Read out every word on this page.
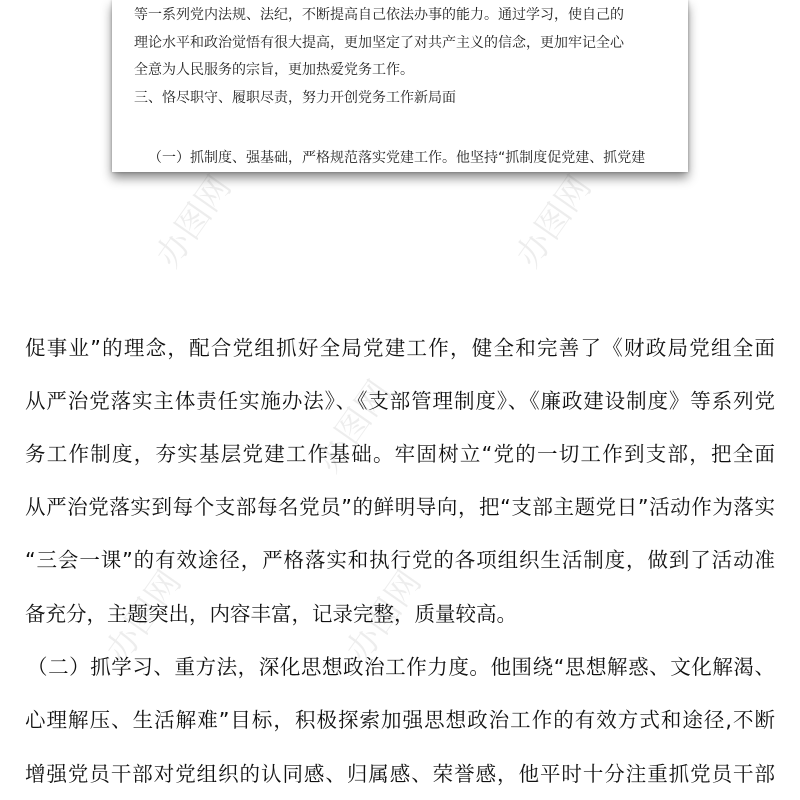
等一系列党内法规、法纪，不断提高自己依法办事的能力。通过学习，使自己的
理论水平和政治觉悟有很大提高，更加坚定了对共产主义的信念，更加牢记全心
全意为人民服务的宗旨，更加热爱党务工作。
三、恪尽职守、履职尽责，努力开创党务工作新局面
（一）抓制度、强基础，严格规范落实党建工作。他坚持“抓制度促党建、抓党建
促事业”的理念，配合党组抓好全局党建工作，健全和完善了《财政局党组全面
从严治党落实主体责任实施办法》、《支部管理制度》、《廉政建设制度》等系列党
务工作制度，夯实基层党建工作基础。牢固树立“党的一切工作到支部，把全面
从严治党落实到每个支部每名党员”的鲜明导向，把“支部主题党日”活动作为落实
“三会一课”的有效途径，严格落实和执行党的各项组织生活制度，做到了活动准
备充分，主题突出，内容丰富，记录完整，质量较高。
（二）抓学习、重方法，深化思想政治工作力度。他围绕“思想解惑、文化解渴、
心理解压、生活解难”目标，积极探索加强思想政治工作的有效方式和途径,不断
增强党员干部对党组织的认同感、归属感、荣誉感，他平时十分注重抓党员干部
办图网	办图网
办图网
办图网	办图网
